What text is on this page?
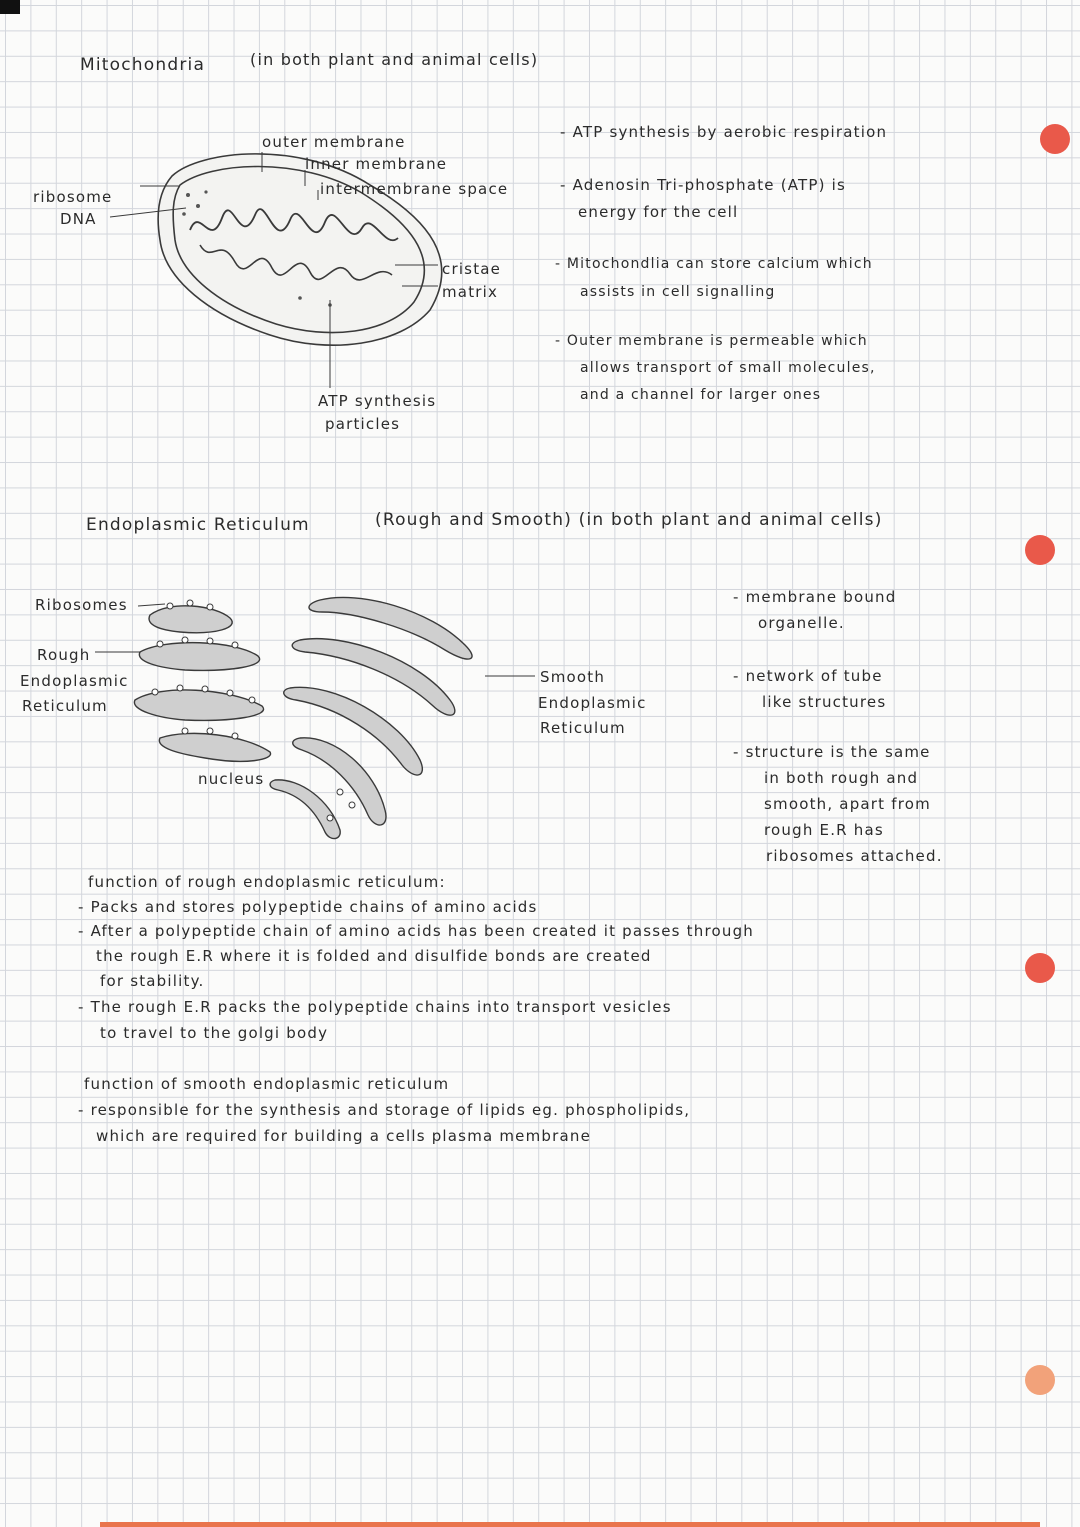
Mitochondria	(in both plant and animal cells)
outer membrane
inner membrane
intermembrane space
ribosome
DNA
cristae
matrix
ATP synthesis
particles
- ATP synthesis by aerobic respiration
- Adenosin Tri-phosphate (ATP) is
energy for the cell
- Mitochondlia can store calcium which
assists in cell signalling
- Outer membrane is permeable which
allows transport of small molecules,
and a channel for larger ones
Endoplasmic Reticulum	(Rough and Smooth) (in both plant and animal cells)
Ribosomes
Rough
Endoplasmic
Reticulum
nucleus
Smooth
Endoplasmic
Reticulum
- membrane bound
organelle.
- network of tube
like structures
- structure is the same
in both rough and
smooth, apart from
rough E.R has
ribosomes attached.
function of rough endoplasmic reticulum:
- Packs and stores polypeptide chains of amino acids
- After a polypeptide chain of amino acids has been created it passes through
the rough E.R where it is folded and disulfide bonds are created
for stability.
- The rough E.R packs the polypeptide chains into transport vesicles
to travel to the golgi body
function of smooth endoplasmic reticulum
- responsible for the synthesis and storage of lipids eg. phospholipids,
which are required for building a cells plasma membrane
